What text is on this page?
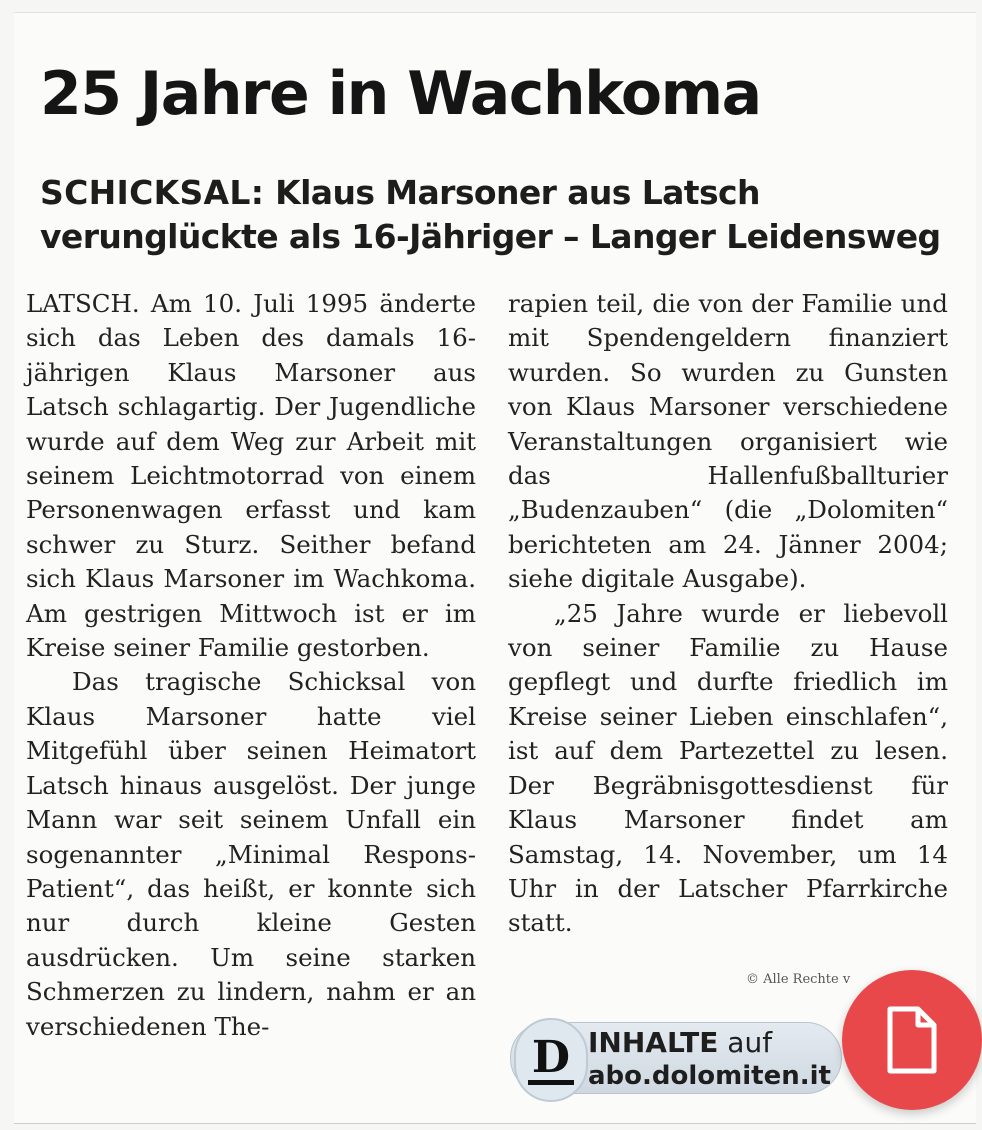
25 Jahre in Wachkoma
SCHICKSAL: Klaus Marsoner aus Latsch
verunglückte als 16-Jähriger – Langer Leidensweg

LATSCH. Am 10. Juli 1995 änderte sich das Leben des damals 16-jährigen Klaus Marsoner aus Latsch schlagartig. Der Jugendliche wurde auf dem Weg zur Arbeit mit seinem Leichtmotorrad von einem Personenwagen erfasst und kam schwer zu Sturz. Seither befand sich Klaus Marsoner im Wachkoma. Am gestrigen Mittwoch ist er im Kreise seiner Familie gestorben.

Das tragische Schicksal von Klaus Marsoner hatte viel Mitgefühl über seinen Heimatort Latsch hinaus ausgelöst. Der junge Mann war seit seinem Unfall ein sogenannter „Minimal Respons-Patient“, das heißt, er konnte sich nur durch kleine Gesten ausdrücken. Um seine starken Schmerzen zu lindern, nahm er an verschiedenen The-

rapien teil, die von der Familie und mit Spendengeldern finanziert wurden. So wurden zu Gunsten von Klaus Marsoner verschiedene Veranstaltungen organisiert wie das Hallenfußballturier „Budenzauben“ (die „Dolomiten“ berichteten am 24. Jänner 2004; siehe digitale Ausgabe).

„25 Jahre wurde er liebevoll von seiner Familie zu Hause gepflegt und durfte friedlich im Kreise seiner Lieben einschlafen“, ist auf dem Partezettel zu lesen. Der Begräbnisgottesdienst für Klaus Marsoner findet am Samstag, 14. November, um 14 Uhr in der Latscher Pfarrkirche statt.

© Alle Rechte v
D INHALTE auf
abo.dolomiten.it
